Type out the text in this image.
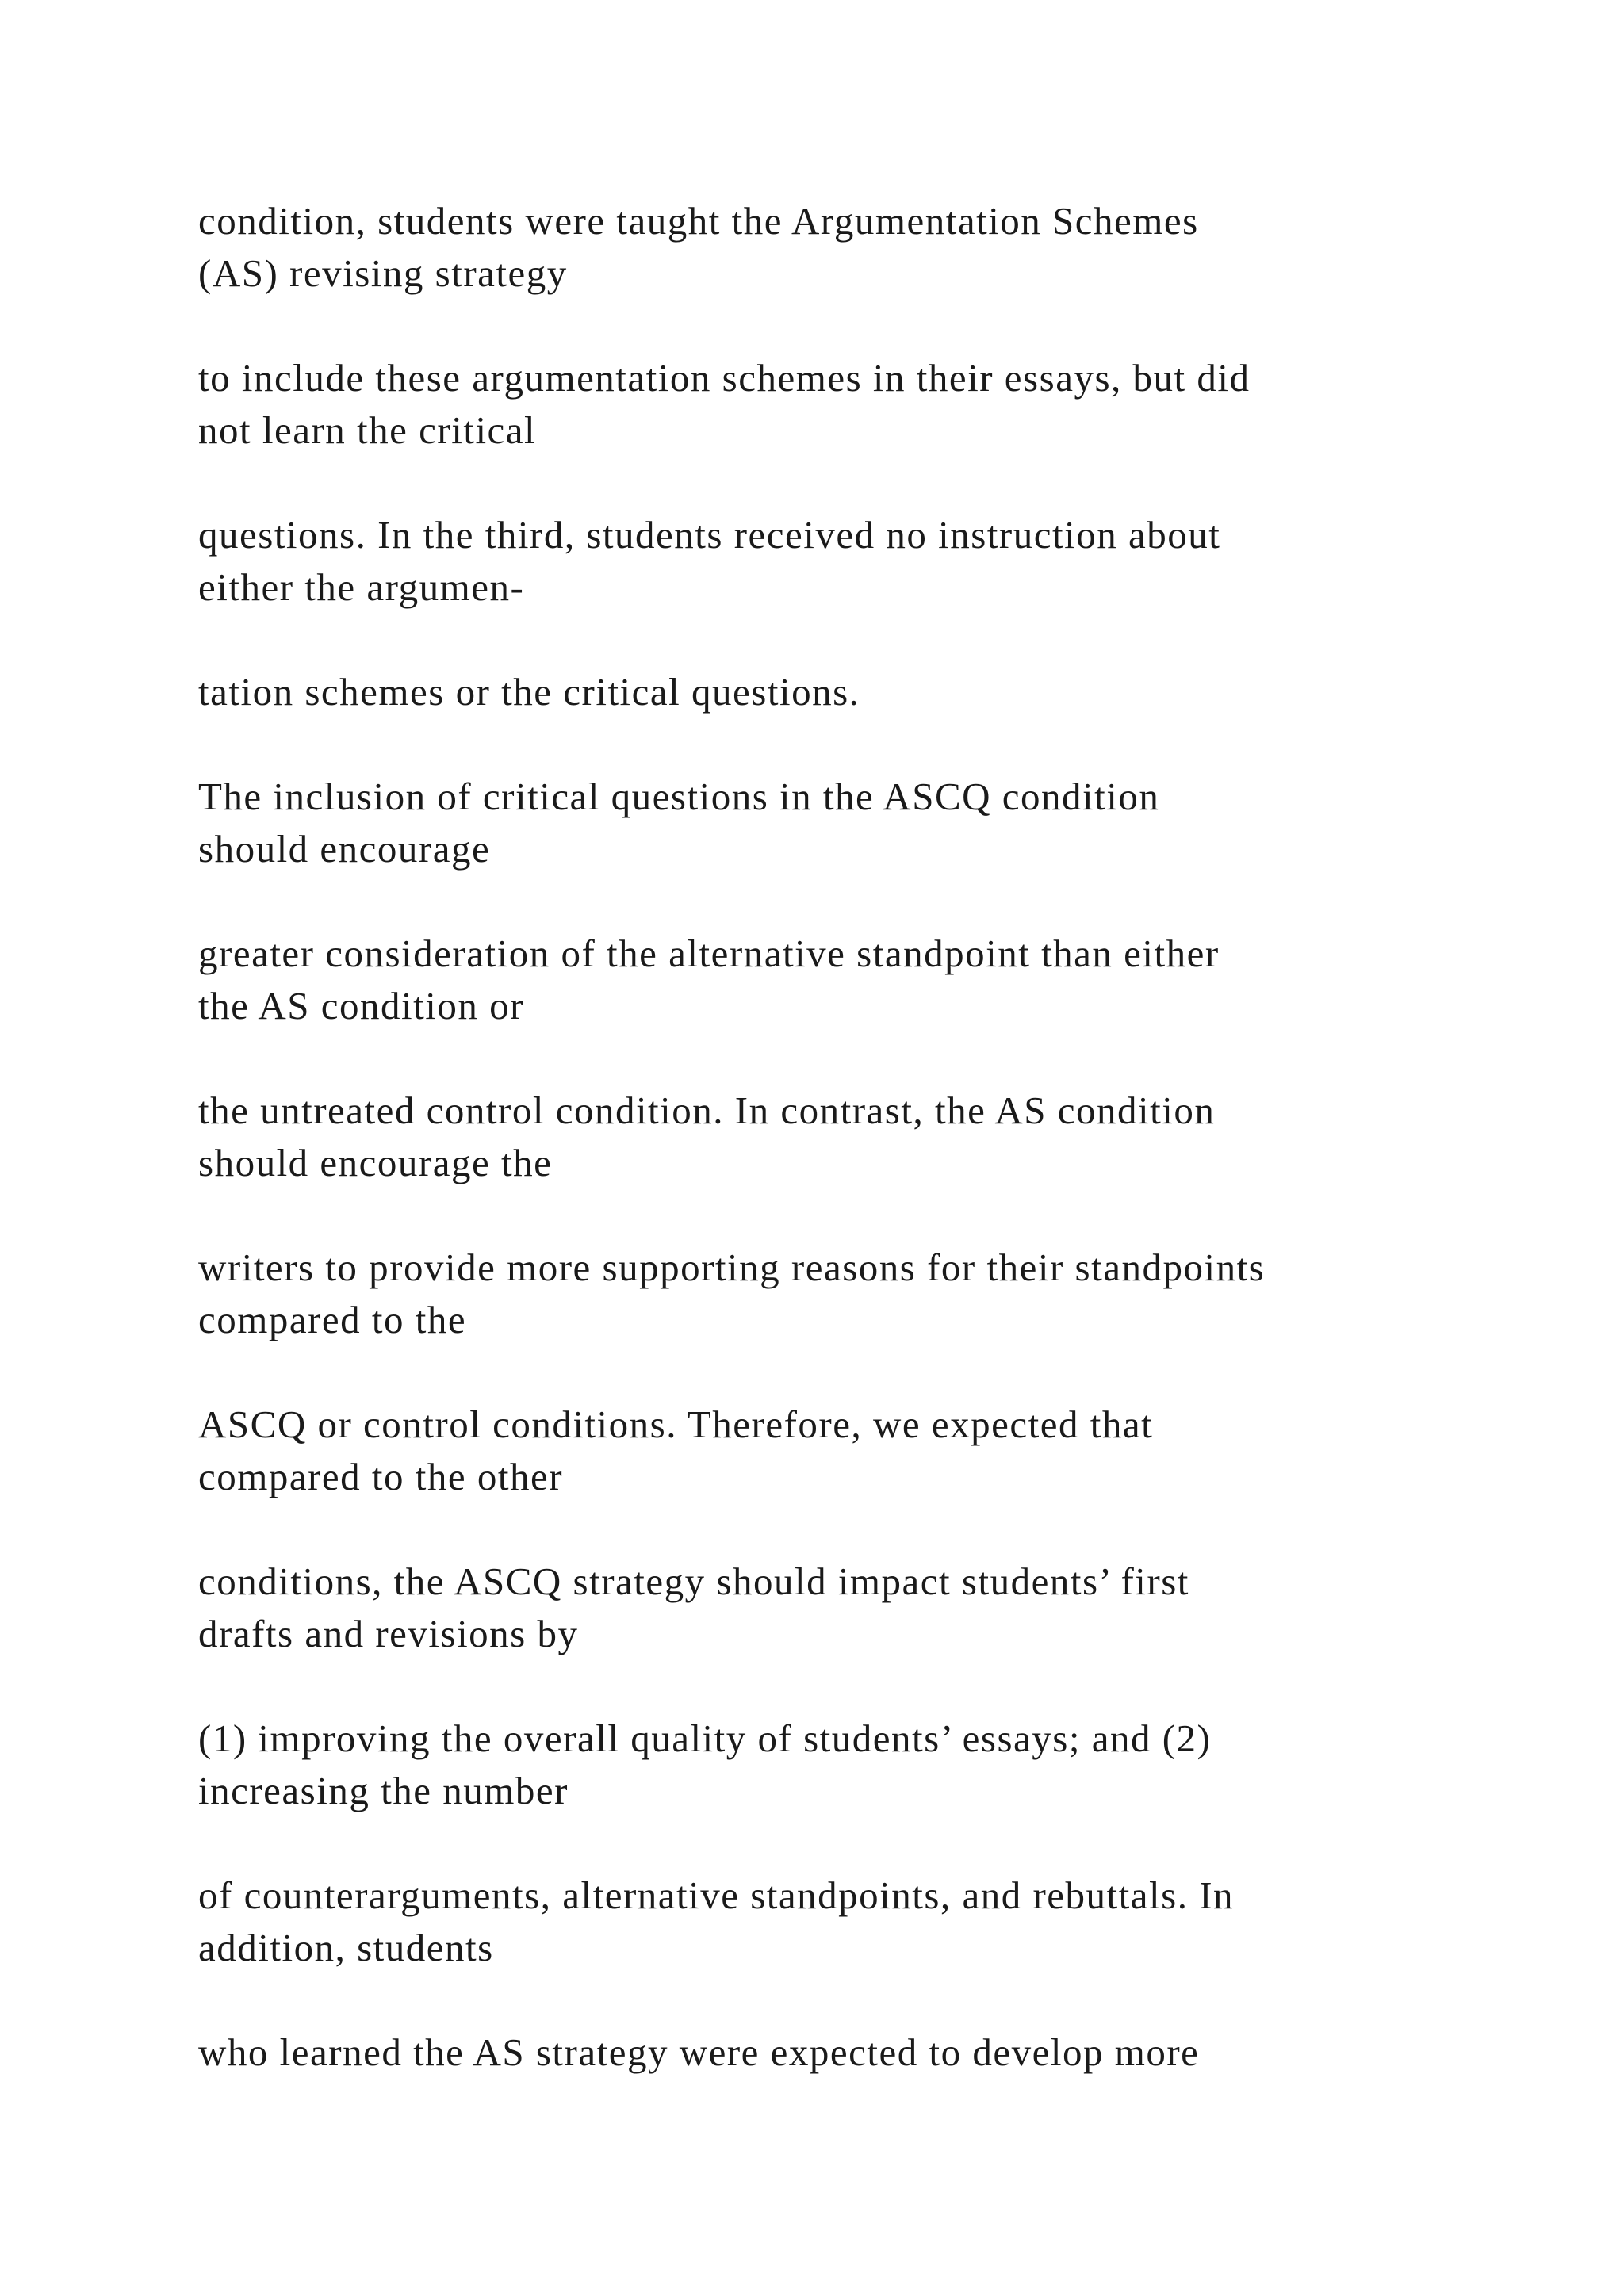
condition, students were taught the Argumentation Schemes
(AS) revising strategy

to include these argumentation schemes in their essays, but did
not learn the critical

questions. In the third, students received no instruction about
either the argumen-

tation schemes or the critical questions.

The inclusion of critical questions in the ASCQ condition
should encourage

greater consideration of the alternative standpoint than either
the AS condition or

the untreated control condition. In contrast, the AS condition
should encourage the

writers to provide more supporting reasons for their standpoints
compared to the

ASCQ or control conditions. Therefore, we expected that
compared to the other

conditions, the ASCQ strategy should impact students’ first
drafts and revisions by

(1) improving the overall quality of students’ essays; and (2)
increasing the number

of counterarguments, alternative standpoints, and rebuttals. In
addition, students

who learned the AS strategy were expected to develop more
